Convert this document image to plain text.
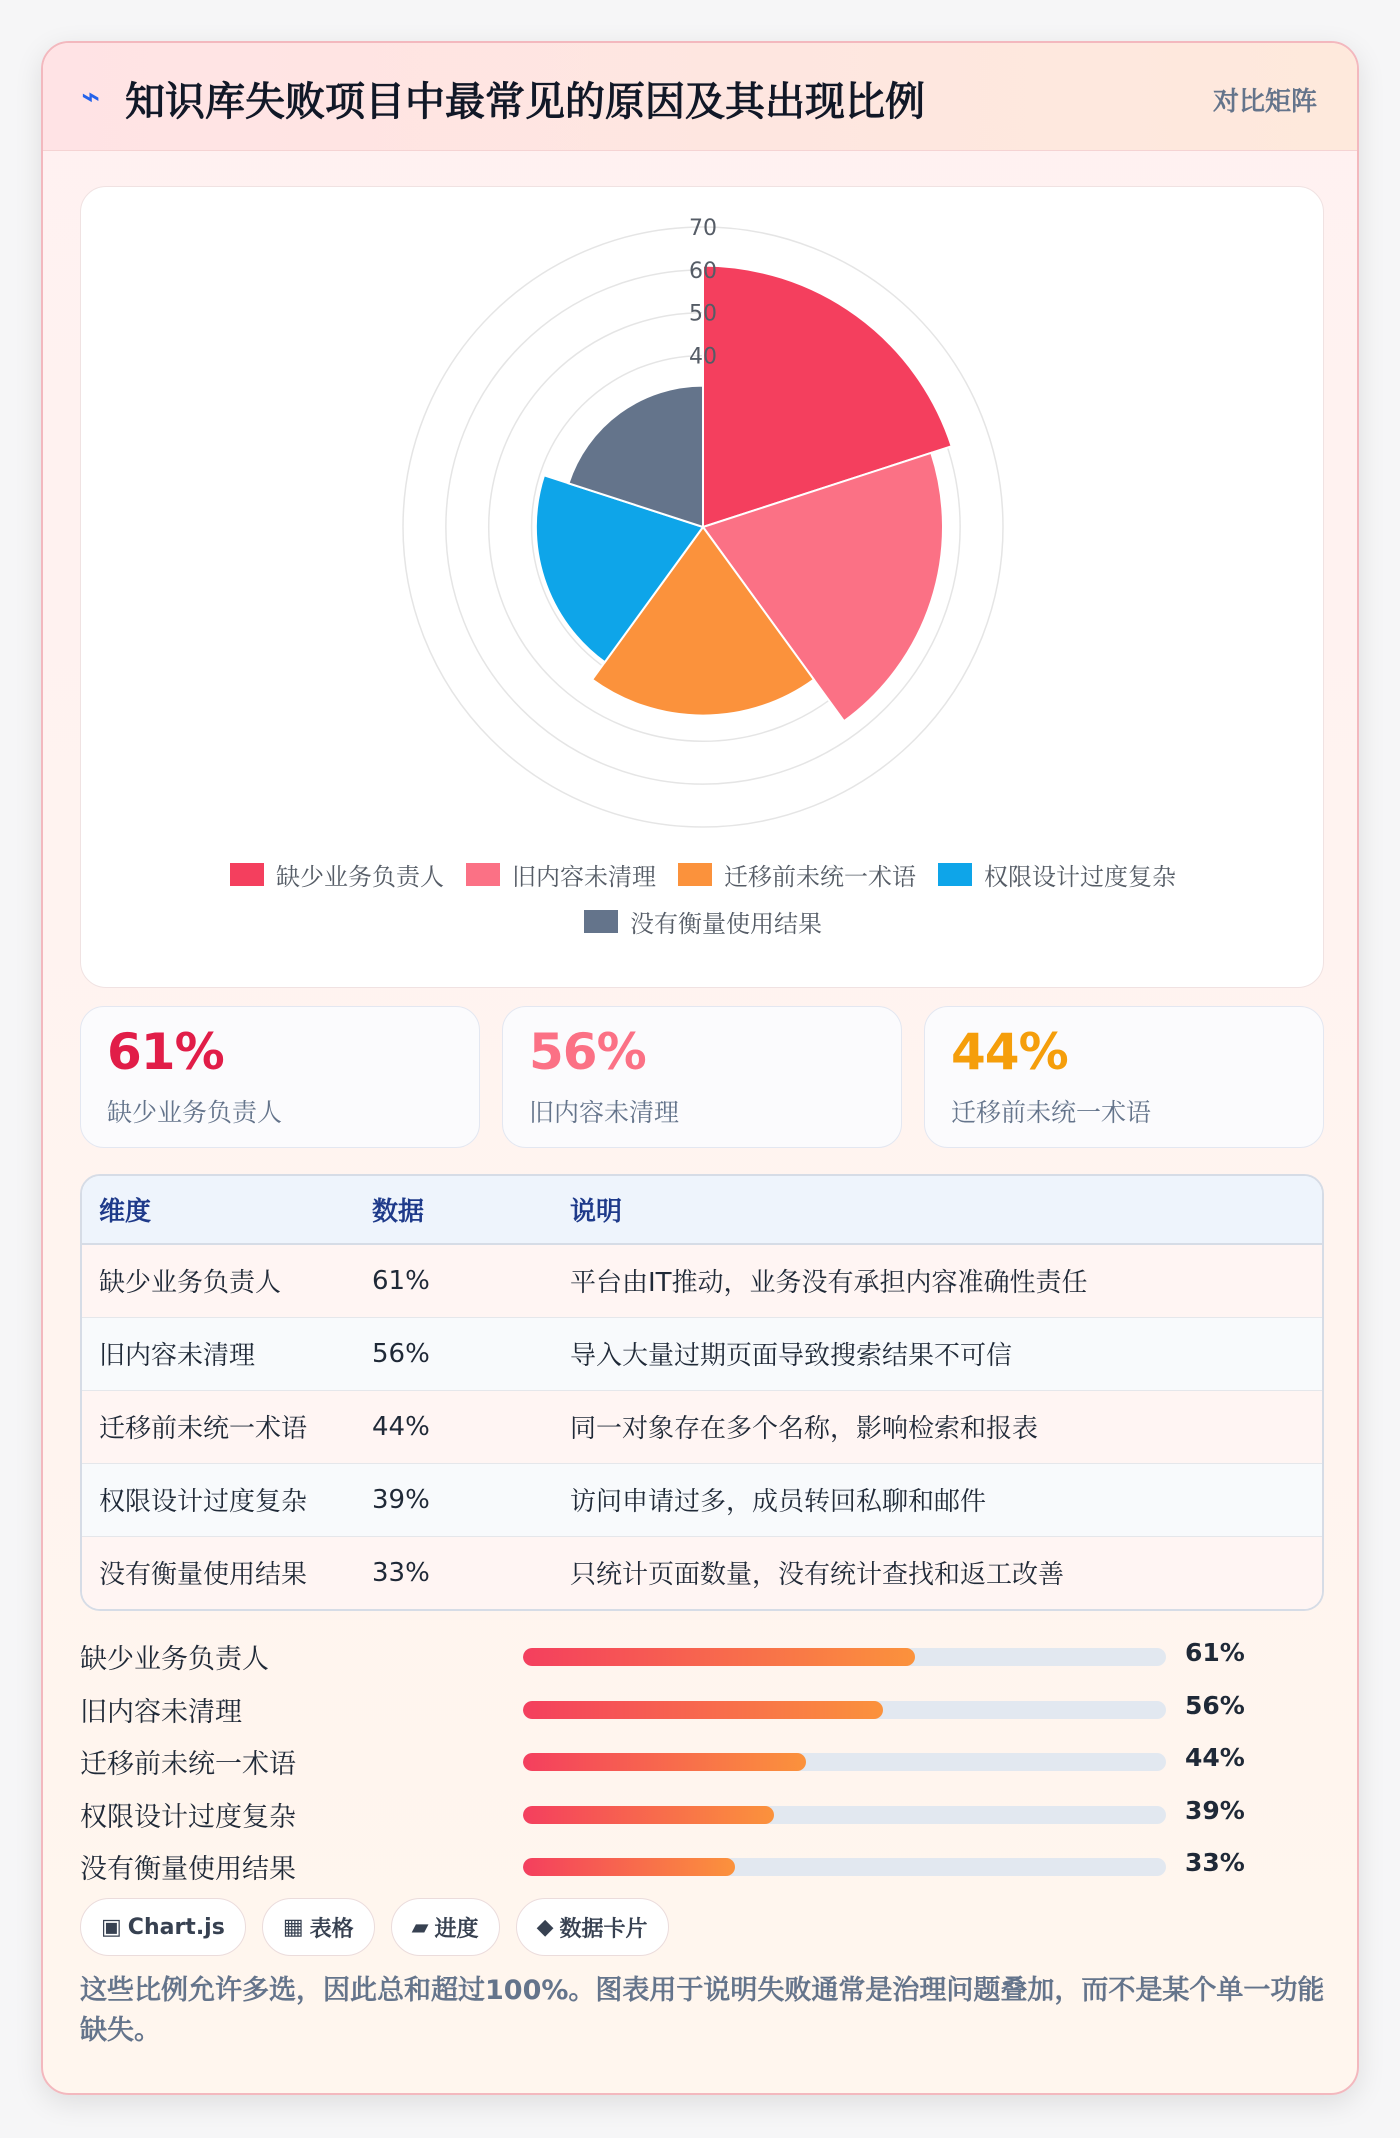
⌁ 知识库失败项目中最常见的原因及其出现比例	对比矩阵
40
50
60
70
缺少业务负责人	旧内容未清理	迁移前未统一术语	权限设计过度复杂
没有衡量使用结果
61%
缺少业务负责人
56%
旧内容未清理
44%
迁移前未统一术语
维度	数据	说明
缺少业务负责人	61%	平台由IT推动，业务没有承担内容准确性责任
旧内容未清理	56%	导入大量过期页面导致搜索结果不可信
迁移前未统一术语	44%	同一对象存在多个名称，影响检索和报表
权限设计过度复杂	39%	访问申请过多，成员转回私聊和邮件
没有衡量使用结果	33%	只统计页面数量，没有统计查找和返工改善
缺少业务负责人	61%
旧内容未清理	56%
迁移前未统一术语	44%
权限设计过度复杂	39%
没有衡量使用结果	33%
▣ Chart.js	▦ 表格	▰ 进度	◆ 数据卡片

这些比例允许多选，因此总和超过100%。图表用于说明失败通常是治理问题叠加，而不是某个单一功能缺失。
